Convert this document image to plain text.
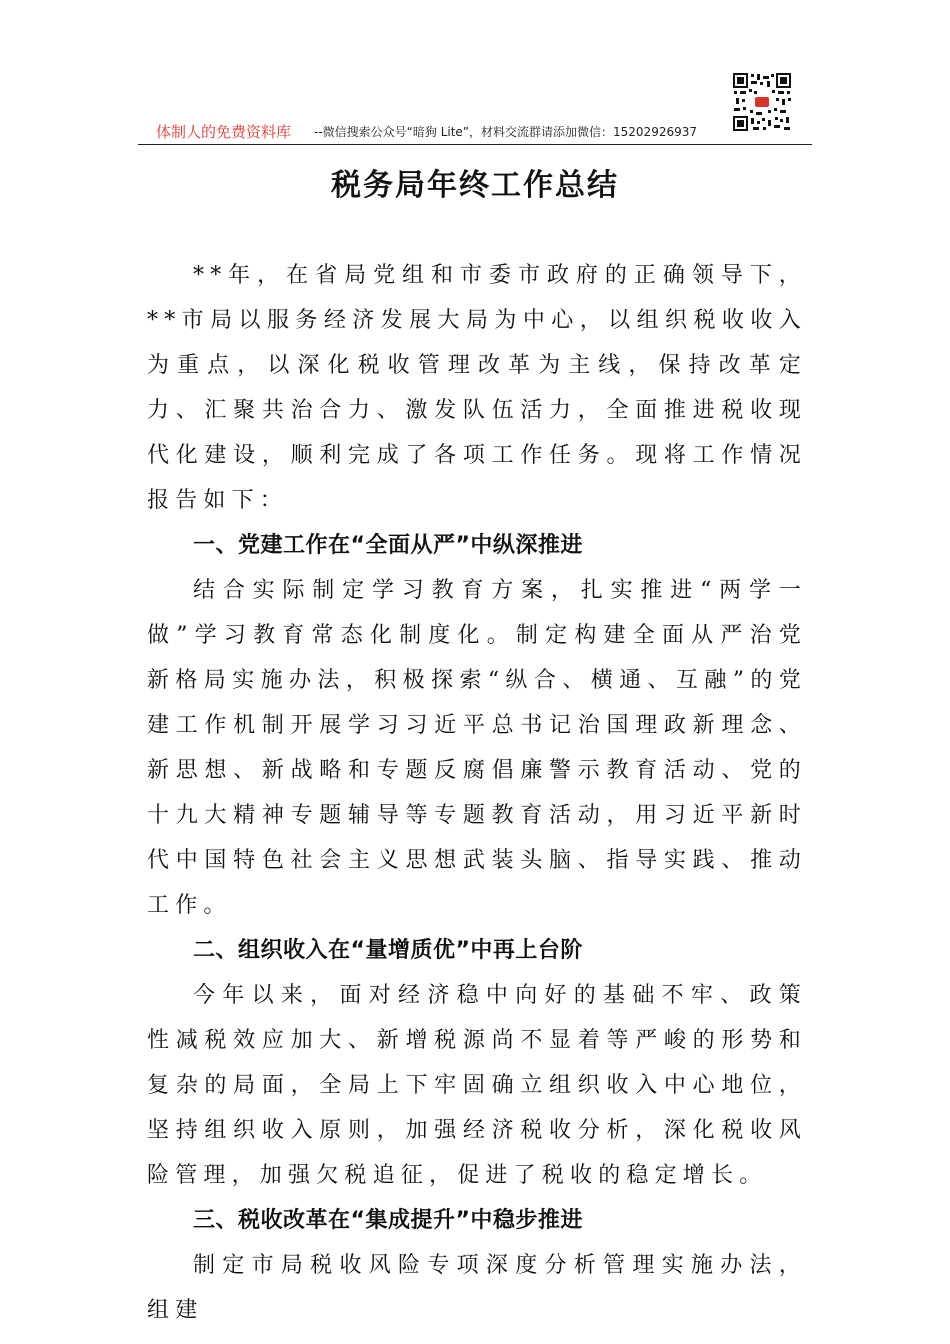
体制人的免费资料库 --微信搜索公众号“暗狗 Lite”，材料交流群请添加微信：15202926937
税务局年终工作总结

**年，在省局党组和市委市政府的正确领导下，**市局以服务经济发展大局为中心，以组织税收收入为重点，以深化税收管理改革为主线，保持改革定力、汇聚共治合力、激发队伍活力，全面推进税收现代化建设，顺利完成了各项工作任务。现将工作情况报告如下：

一、党建工作在“全面从严”中纵深推进

结合实际制定学习教育方案，扎实推进“两学一做”学习教育常态化制度化。制定构建全面从严治党新格局实施办法，积极探索“纵合、横通、互融”的党建工作机制开展学习习近平总书记治国理政新理念、新思想、新战略和专题反腐倡廉警示教育活动、党的十九大精神专题辅导等专题教育活动，用习近平新时代中国特色社会主义思想武装头脑、指导实践、推动工作。

二、组织收入在“量增质优”中再上台阶

今年以来，面对经济稳中向好的基础不牢、政策性减税效应加大、新增税源尚不显着等严峻的形势和复杂的局面，全局上下牢固确立组织收入中心地位，坚持组织收入原则，加强经济税收分析，深化税收风险管理，加强欠税追征，促进了税收的稳定增长。

三、税收改革在“集成提升”中稳步推进

制定市局税收风险专项深度分析管理实施办法，组建
